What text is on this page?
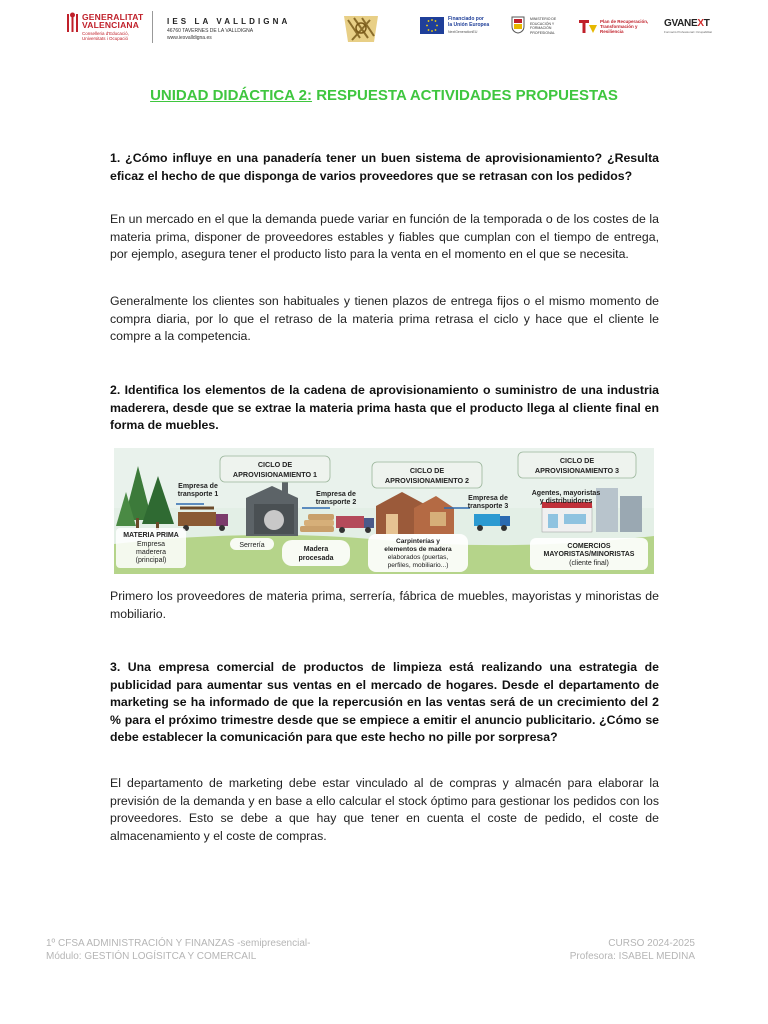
GENERALITAT
VALENCIANA
Conselleria d'Educació, Universitats i Ocupació
IES LA VALLDIGNA
46760 TAVERNES DE LA VALLDIGNA
www.iesvalldigna.es
Financiado por
la Unión Europea
NextGenerationEU
MINISTERIO DE EDUCACIÓN Y FORMACIÓN PROFESIONAL
Plan de Recuperación, Transformación y Resiliencia
GVANEXT
Formació Professional i Ocupabilitat
UNIDAD DIDÁCTICA 2: RESPUESTA ACTIVIDADES PROPUESTAS

1. ¿Cómo influye en una panadería tener un buen sistema de aprovisionamiento? ¿Resulta eficaz el hecho de que disponga de varios proveedores que se retrasan con los pedidos?

En un mercado en el que la demanda puede variar en función de la temporada o de los costes de la materia prima, disponer de proveedores estables y fiables que cumplan con el tiempo de entrega, por ejemplo, asegura tener el producto listo para la venta en el momento en el que se necesita.

Generalmente los clientes son habituales y tienen plazos de entrega fijos o el mismo momento de compra diaria, por lo que el retraso de la materia prima retrasa el ciclo y hace que el cliente le compre a la competencia.

2. Identifica los elementos de la cadena de aprovisionamiento o suministro de una industria maderera, desde que se extrae la materia prima hasta que el producto llega al cliente final en forma de muebles.

CICLO DE
APROVISIONAMIENTO 1	CICLO DE
APROVISIONAMIENTO 2
CICLO DE
APROVISIONAMIENTO 3
Empresa de
transporte 1	Empresa de
transporte 2
Empresa de
transporte 3
Agentes, mayoristas
y distribuidores
MATERIA PRIMA
Empresa
maderera
(principal)
Serrería
Madera
procesada
Carpinterías y
elementos de madera
elaborados (puertas,
perfiles, mobiliario...)
COMERCIOS
MAYORISTAS/MINORISTAS
(cliente final)

Primero los proveedores de materia prima, serrería, fábrica de muebles, mayoristas y minoristas de mobiliario.

3. Una empresa comercial de productos de limpieza está realizando una estrategia de publicidad para aumentar sus ventas en el mercado de hogares. Desde el departamento de marketing se ha informado de que la repercusión en las ventas será de un crecimiento del 2 % para el próximo trimestre desde que se empiece a emitir el anuncio publicitario. ¿Cómo se debe establecer la comunicación para que este hecho no pille por sorpresa?

El departamento de marketing debe estar vinculado al de compras y almacén para elaborar la previsión de la demanda y en base a ello calcular el stock óptimo para gestionar los pedidos con los proveedores. Esto se debe a que hay que tener en cuenta el coste de pedido, el coste de almacenamiento y el coste de compras.

1º CFSA ADMINISTRACIÓN Y FINANZAS -semipresencial-
Módulo: GESTIÓN LOGÍSITCA Y COMERCAIL
CURSO 2024-2025
Profesora: ISABEL MEDINA
